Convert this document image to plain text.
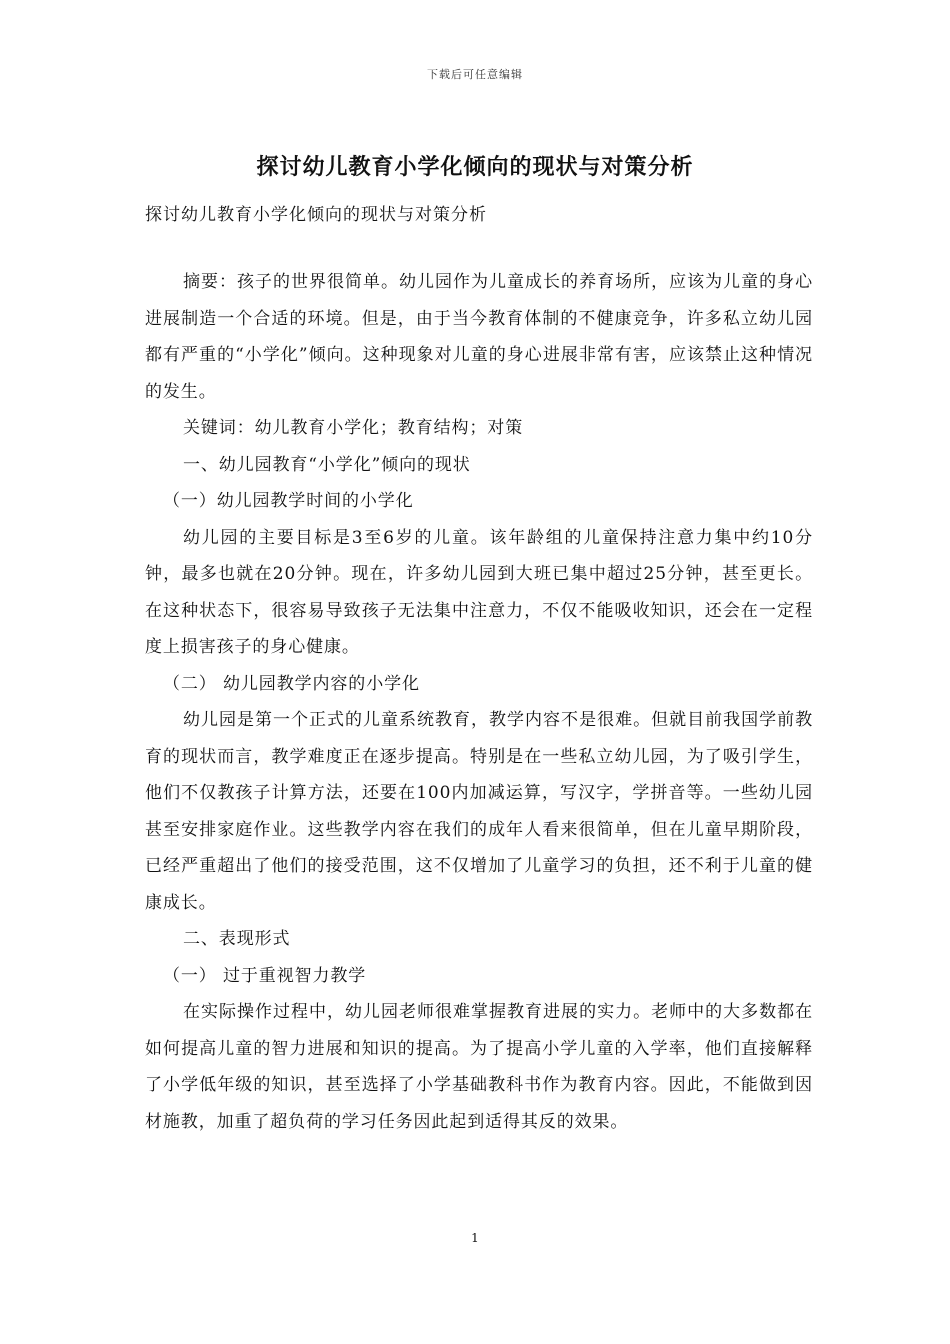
下载后可任意编辑
探讨幼儿教育小学化倾向的现状与对策分析
探讨幼儿教育小学化倾向的现状与对策分析

摘要：孩子的世界很简单。幼儿园作为儿童成长的养育场所，应该为儿童的身心进展制造一个合适的环境。但是，由于当今教育体制的不健康竞争，许多私立幼儿园都有严重的“小学化”倾向。这种现象对儿童的身心进展非常有害，应该禁止这种情况的发生。

关键词：幼儿教育小学化；教育结构；对策

一、幼儿园教育“小学化”倾向的现状

（一）幼儿园教学时间的小学化

幼儿园的主要目标是3至6岁的儿童。该年龄组的儿童保持注意力集中约10分钟，最多也就在20分钟。现在，许多幼儿园到大班已集中超过25分钟，甚至更长。在这种状态下，很容易导致孩子无法集中注意力，不仅不能吸收知识，还会在一定程度上损害孩子的身心健康。

（二） 幼儿园教学内容的小学化

幼儿园是第一个正式的儿童系统教育，教学内容不是很难。但就目前我国学前教育的现状而言，教学难度正在逐步提高。特别是在一些私立幼儿园，为了吸引学生，他们不仅教孩子计算方法，还要在100内加减运算，写汉字，学拼音等。一些幼儿园甚至安排家庭作业。这些教学内容在我们的成年人看来很简单，但在儿童早期阶段，已经严重超出了他们的接受范围，这不仅增加了儿童学习的负担，还不利于儿童的健康成长。

二、表现形式

（一） 过于重视智力教学

在实际操作过程中，幼儿园老师很难掌握教育进展的实力。老师中的大多数都在如何提高儿童的智力进展和知识的提高。为了提高小学儿童的入学率，他们直接解释了小学低年级的知识，甚至选择了小学基础教科书作为教育内容。因此，不能做到因材施教，加重了超负荷的学习任务因此起到适得其反的效果。

1
